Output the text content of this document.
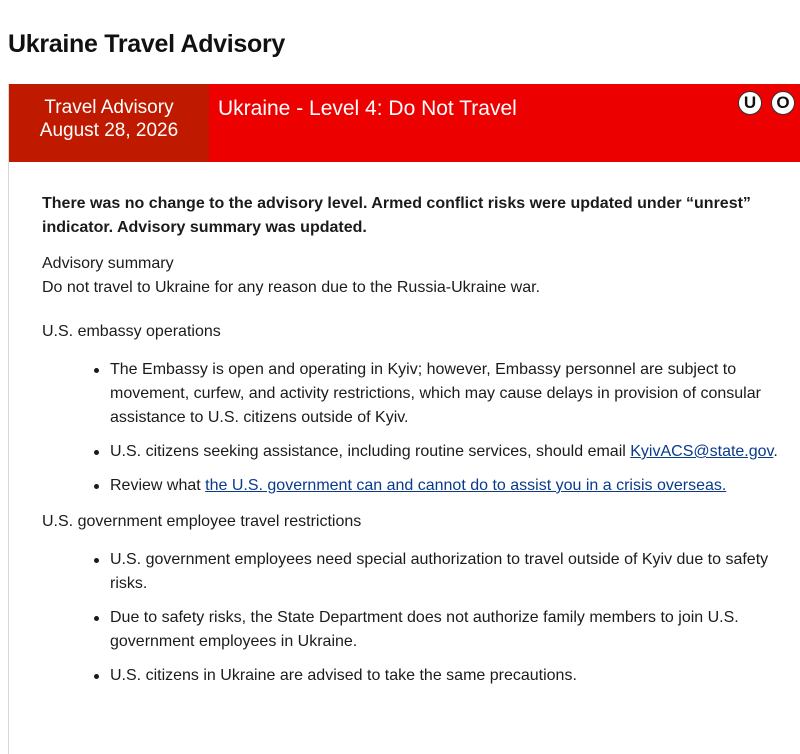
Ukraine Travel Advisory
Travel Advisory
August 28, 2026
Ukraine - Level 4: Do Not Travel	U	O

There was no change to the advisory level. Armed conflict risks were updated under “unrest” indicator. Advisory summary was updated.

Advisory summary

Do not travel to Ukraine for any reason due to the Russia-Ukraine war.

U.S. embassy operations

The Embassy is open and operating in Kyiv; however, Embassy personnel are subject to movement, curfew, and activity restrictions, which may cause delays in provision of consular assistance to U.S. citizens outside of Kyiv.
U.S. citizens seeking assistance, including routine services, should email KyivACS@state.gov.
Review what the U.S. government can and cannot do to assist you in a crisis overseas.

U.S. government employee travel restrictions

U.S. government employees need special authorization to travel outside of Kyiv due to safety risks.
Due to safety risks, the State Department does not authorize family members to join U.S. government employees in Ukraine.
U.S. citizens in Ukraine are advised to take the same precautions.
